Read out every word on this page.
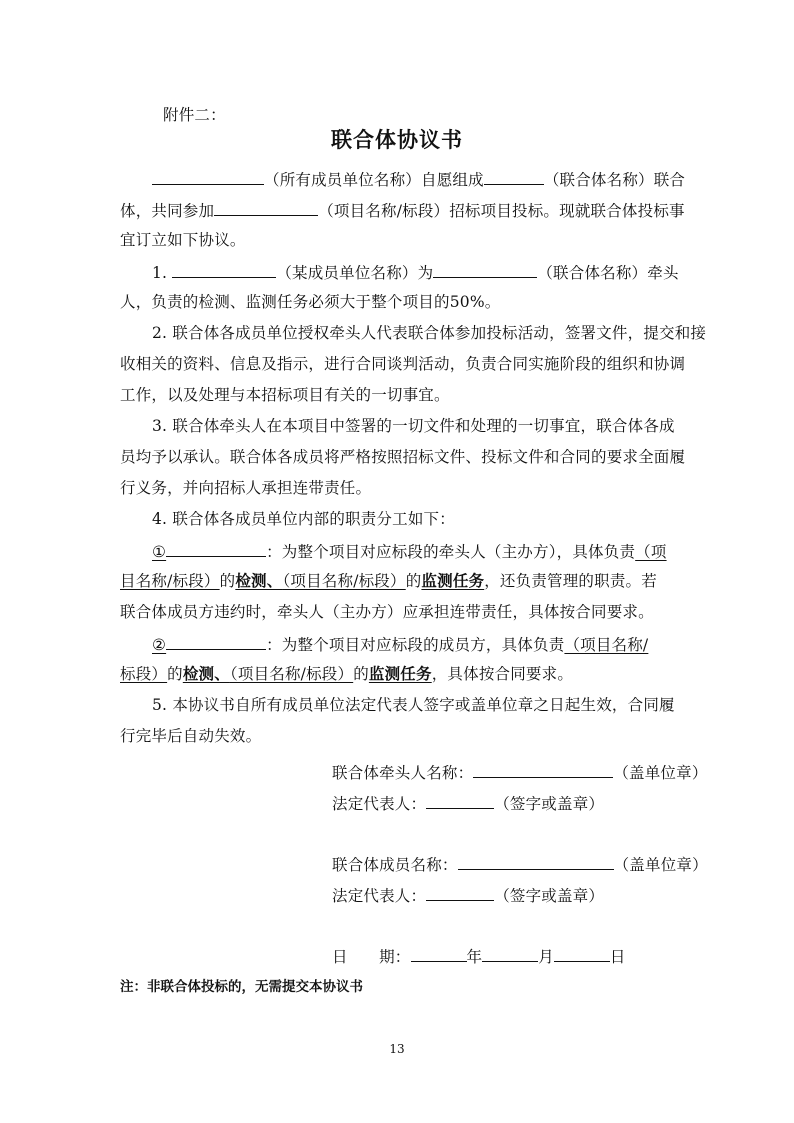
附件二：
联合体协议书
（所有成员单位名称）自愿组成	（联合体名称）联合
体，共同参加	（项目名称/标段）招标项目投标。现就联合体投标事
宜订立如下协议。
1.	（某成员单位名称）为	（联合体名称）牵头
人，负责的检测、监测任务必须大于整个项目的50%。
2. 联合体各成员单位授权牵头人代表联合体参加投标活动，签署文件，提交和接
收相关的资料、信息及指示，进行合同谈判活动，负责合同实施阶段的组织和协调
工作，以及处理与本招标项目有关的一切事宜。
3. 联合体牵头人在本项目中签署的一切文件和处理的一切事宜，联合体各成
员均予以承认。联合体各成员将严格按照招标文件、投标文件和合同的要求全面履
行义务，并向招标人承担连带责任。
4. 联合体各成员单位内部的职责分工如下：
①	：为整个项目对应标段的牵头人（主办方），具体负责（项
目名称/标段）的检测、（项目名称/标段）的监测任务，还负责管理的职责。若
联合体成员方违约时，牵头人（主办方）应承担连带责任，具体按合同要求。
②	：为整个项目对应标段的成员方，具体负责（项目名称/
标段）的检测、（项目名称/标段）的监测任务，具体按合同要求。
5. 本协议书自所有成员单位法定代表人签字或盖单位章之日起生效，合同履
行完毕后自动失效。
联合体牵头人名称：	（盖单位章）
法定代表人：	（签字或盖章）
联合体成员名称：	（盖单位章）
法定代表人：	（签字或盖章）
日　　期：	年	月	日
注：非联合体投标的，无需提交本协议书
13
